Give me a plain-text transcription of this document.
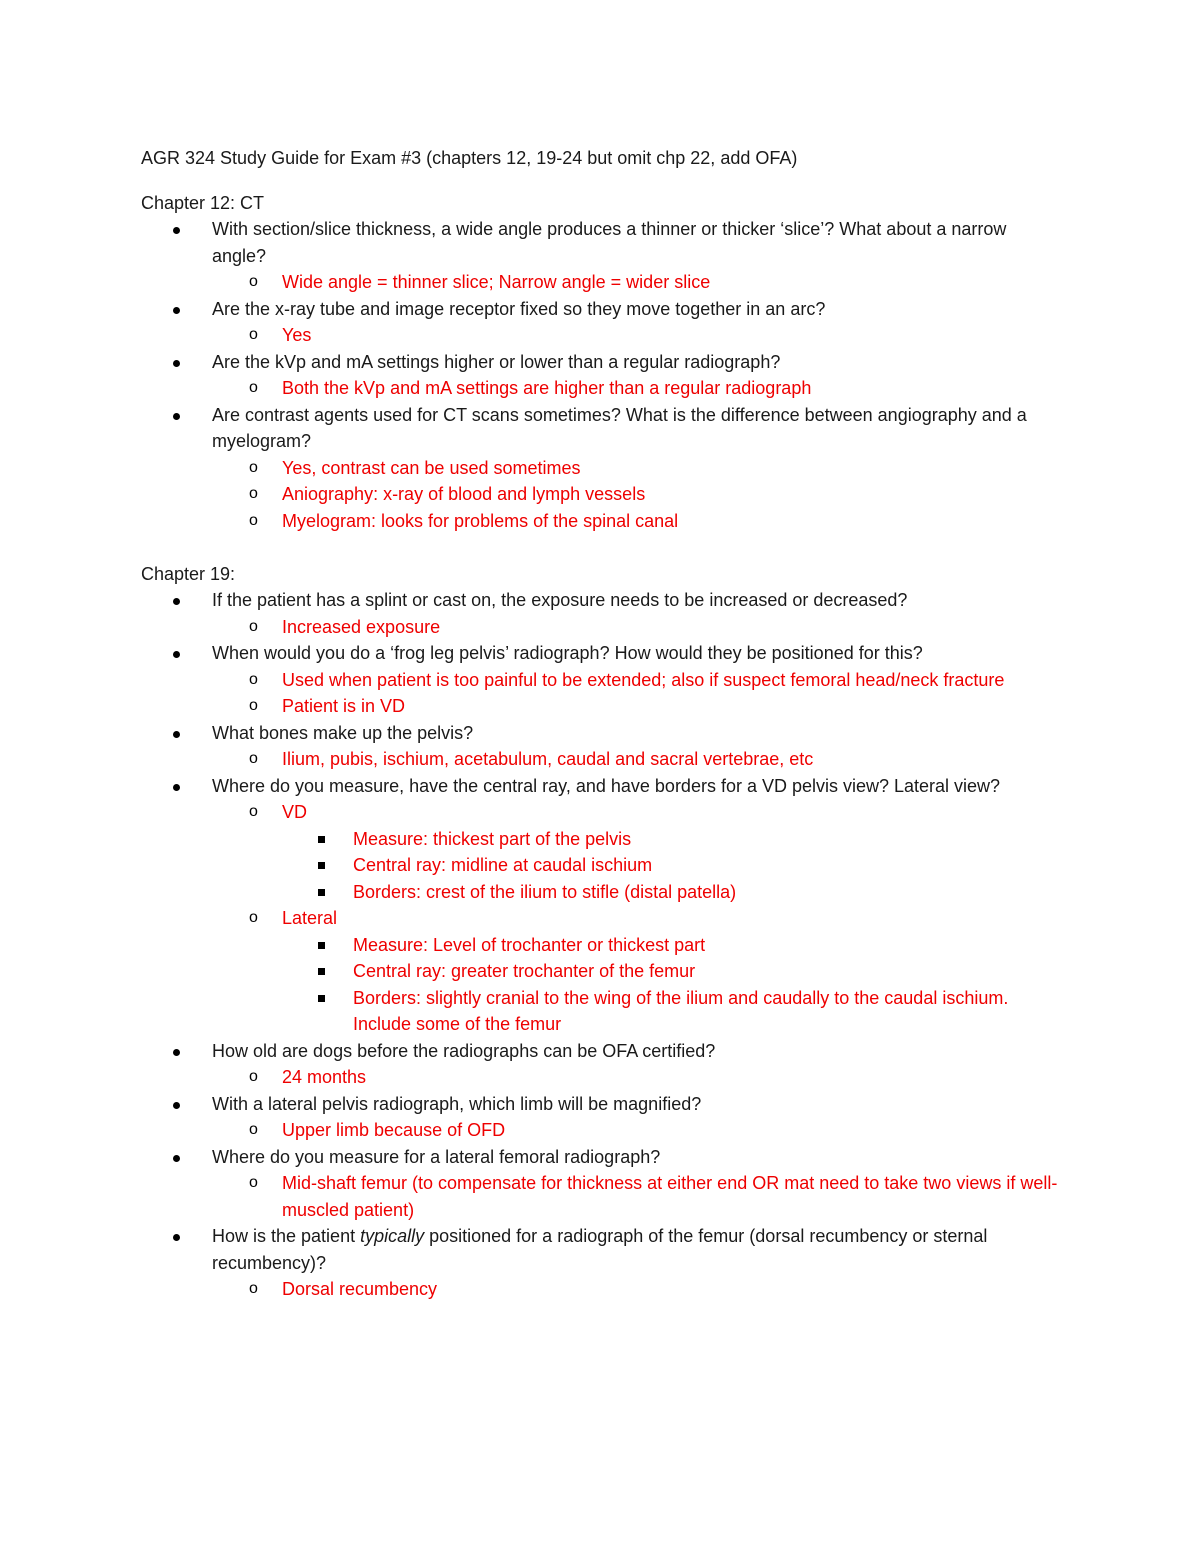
AGR 324 Study Guide for Exam #3 (chapters 12, 19-24 but omit chp 22, add OFA)
Chapter 12: CT
With section/slice thickness, a wide angle produces a thinner or thicker ‘slice’? What about a narrow angle?
o Wide angle = thinner slice; Narrow angle = wider slice
Are the x-ray tube and image receptor fixed so they move together in an arc?
o Yes
Are the kVp and mA settings higher or lower than a regular radiograph?
o Both the kVp and mA settings are higher than a regular radiograph
Are contrast agents used for CT scans sometimes? What is the difference between angiography and a myelogram?
o Yes, contrast can be used sometimes
o Aniography: x-ray of blood and lymph vessels
o Myelogram: looks for problems of the spinal canal
Chapter 19:
If the patient has a splint or cast on, the exposure needs to be increased or decreased?
o Increased exposure
When would you do a ‘frog leg pelvis’ radiograph? How would they be positioned for this?
o Used when patient is too painful to be extended; also if suspect femoral head/neck fracture
o Patient is in VD
What bones make up the pelvis?
o Ilium, pubis, ischium, acetabulum, caudal and sacral vertebrae, etc
Where do you measure, have the central ray, and have borders for a VD pelvis view? Lateral view?
o VD
Measure: thickest part of the pelvis
Central ray: midline at caudal ischium
Borders: crest of the ilium to stifle (distal patella)
o Lateral
Measure: Level of trochanter or thickest part
Central ray: greater trochanter of the femur
Borders: slightly cranial to the wing of the ilium and caudally to the caudal ischium. Include some of the femur
How old are dogs before the radiographs can be OFA certified?
o 24 months
With a lateral pelvis radiograph, which limb will be magnified?
o Upper limb because of OFD
Where do you measure for a lateral femoral radiograph?
o Mid-shaft femur (to compensate for thickness at either end OR mat need to take two views if well-muscled patient)
How is the patient typically positioned for a radiograph of the femur (dorsal recumbency or sternal recumbency)?
o Dorsal recumbency
